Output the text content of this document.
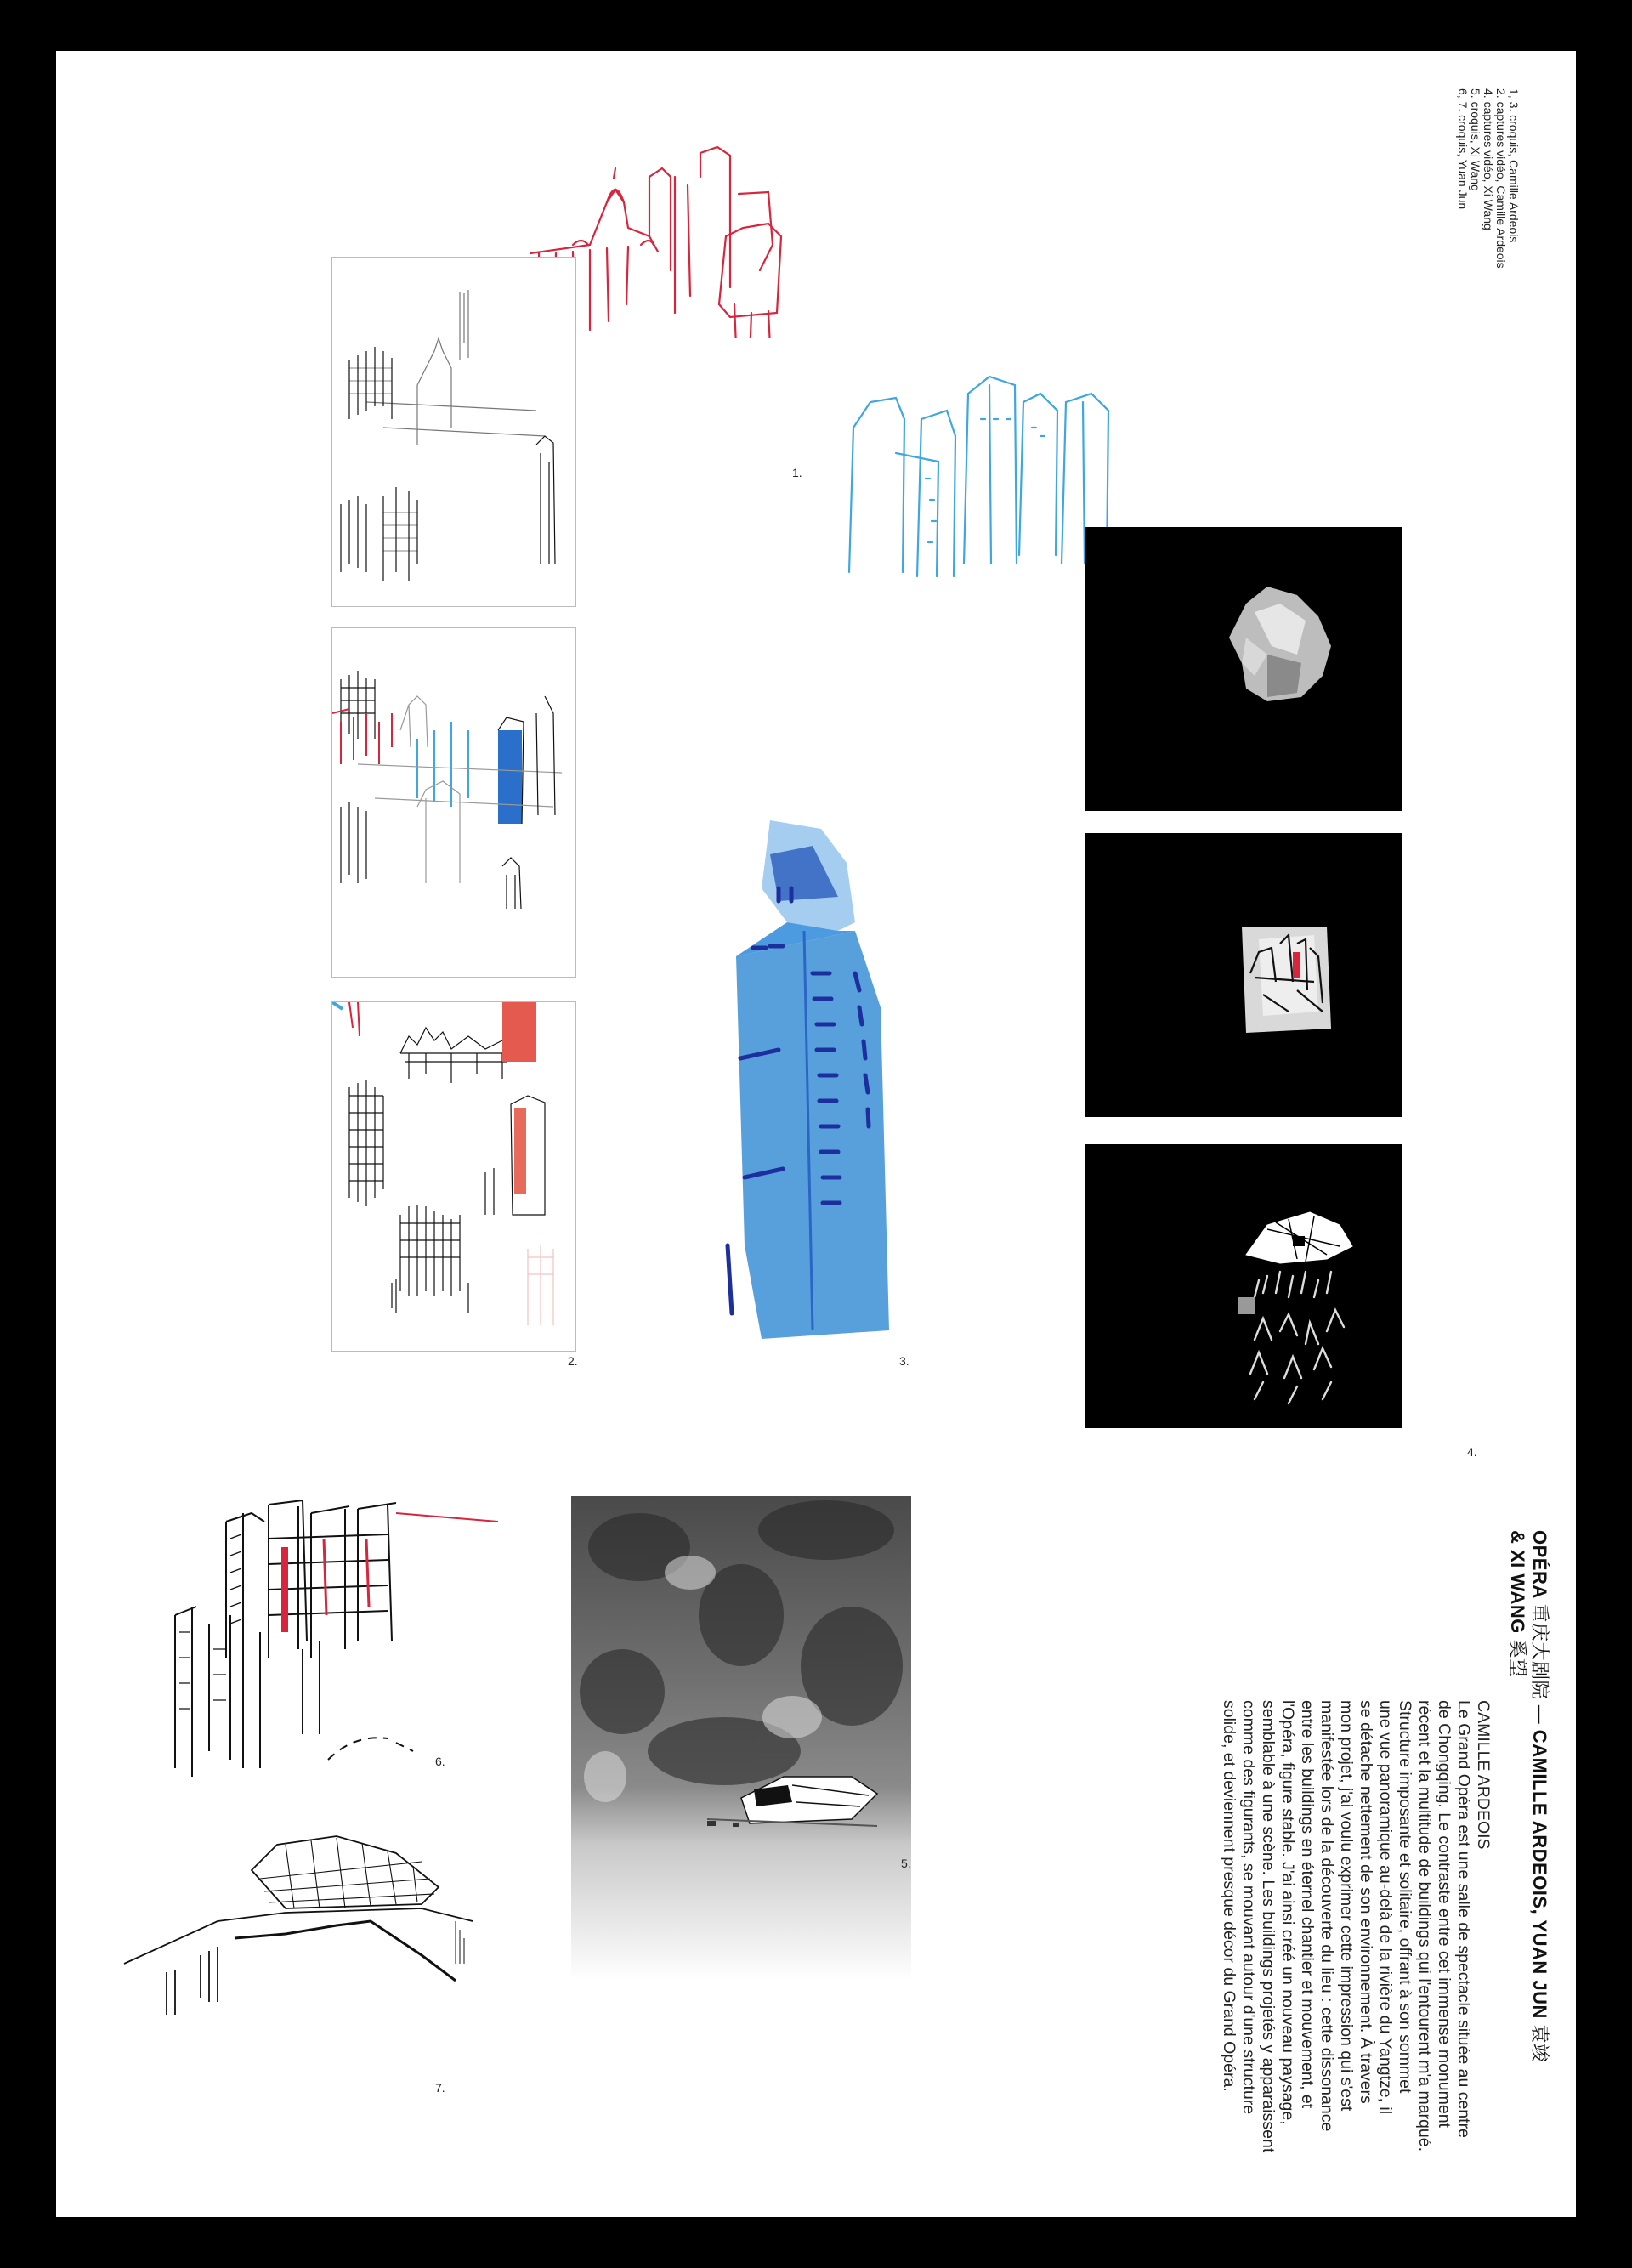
1, 3. croquis, Camille Ardeois
2. captures vidéo, Camille Ardeois
4. captures vidéo, Xi Wang
5. croquis, Xi Wang
6, 7. croquis, Yuan Jun
1.
2.	3.
4.
6.
7.
5.
OPÉRA 重庆大剧院 — CAMILLE ARDEOIS, YUAN JUN 袁竣
& XI WANG 奚望
CAMILLE ARDEOIS
Le Grand Opéra est une salle de spectacle située au centre
de Chongqing. Le contraste entre cet immense monument
récent et la multitude de buildings qui l'entourent m'a marqué.
Structure imposante et solitaire, offrant à son sommet
une vue panoramique au-delà de la rivière du Yangtze, il
se détache nettement de son environnement. À travers
mon projet, j'ai voulu exprimer cette impression qui s'est
manifestée lors de la découverte du lieu : cette dissonance
entre les buildings en éternel chantier et mouvement, et
l'Opéra, figure stable. J'ai ainsi créé un nouveau paysage,
semblable à une scène. Les buildings projetés y apparaissent
comme des figurants, se mouvant autour d'une structure
solide, et deviennent presque décor du Grand Opéra.
